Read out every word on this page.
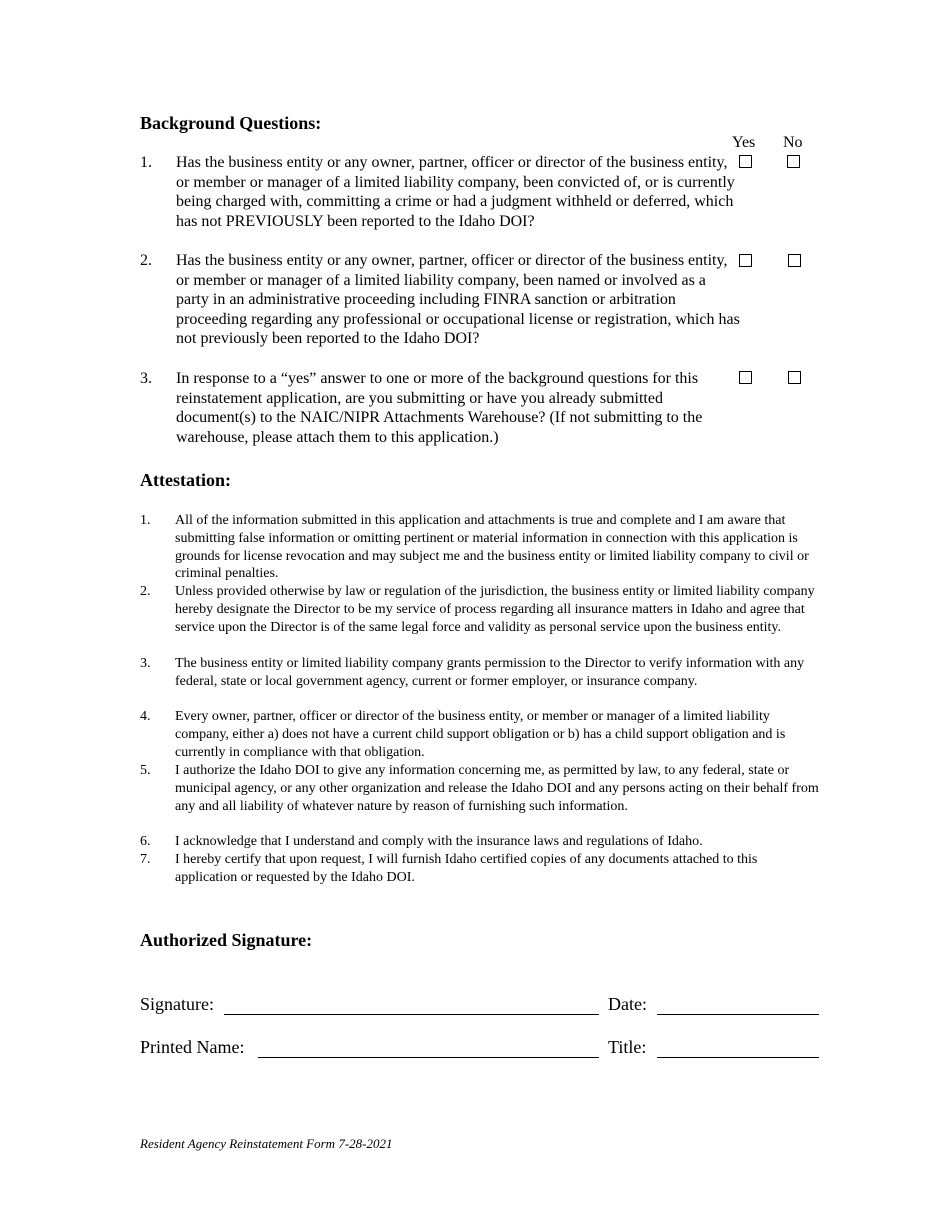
Background Questions:
Yes No
1. Has the business entity or any owner, partner, officer or director of the business entity, or member or manager of a limited liability company, been convicted of, or is currently being charged with, committing a crime or had a judgment withheld or deferred, which has not PREVIOUSLY been reported to the Idaho DOI?
2. Has the business entity or any owner, partner, officer or director of the business entity, or member or manager of a limited liability company, been named or involved as a party in an administrative proceeding including FINRA sanction or arbitration proceeding regarding any professional or occupational license or registration, which has not previously been reported to the Idaho DOI?
3. In response to a “yes” answer to one or more of the background questions for this reinstatement application, are you submitting or have you already submitted document(s) to the NAIC/NIPR Attachments Warehouse? (If not submitting to the warehouse, please attach them to this application.)
Attestation:
1. All of the information submitted in this application and attachments is true and complete and I am aware that submitting false information or omitting pertinent or material information in connection with this application is grounds for license revocation and may subject me and the business entity or limited liability company to civil or criminal penalties.
2. Unless provided otherwise by law or regulation of the jurisdiction, the business entity or limited liability company hereby designate the Director to be my service of process regarding all insurance matters in Idaho and agree that service upon the Director is of the same legal force and validity as personal service upon the business entity.
3. The business entity or limited liability company grants permission to the Director to verify information with any federal, state or local government agency, current or former employer, or insurance company.
4. Every owner, partner, officer or director of the business entity, or member or manager of a limited liability company, either a) does not have a current child support obligation or b) has a child support obligation and is currently in compliance with that obligation.
5. I authorize the Idaho DOI to give any information concerning me, as permitted by law, to any federal, state or municipal agency, or any other organization and release the Idaho DOI and any persons acting on their behalf from any and all liability of whatever nature by reason of furnishing such information.
6. I acknowledge that I understand and comply with the insurance laws and regulations of Idaho.
7. I hereby certify that upon request, I will furnish Idaho certified copies of any documents attached to this application or requested by the Idaho DOI.
Authorized Signature:
Signature:	Date:
Printed Name:	Title:
Resident Agency Reinstatement Form 7-28-2021
